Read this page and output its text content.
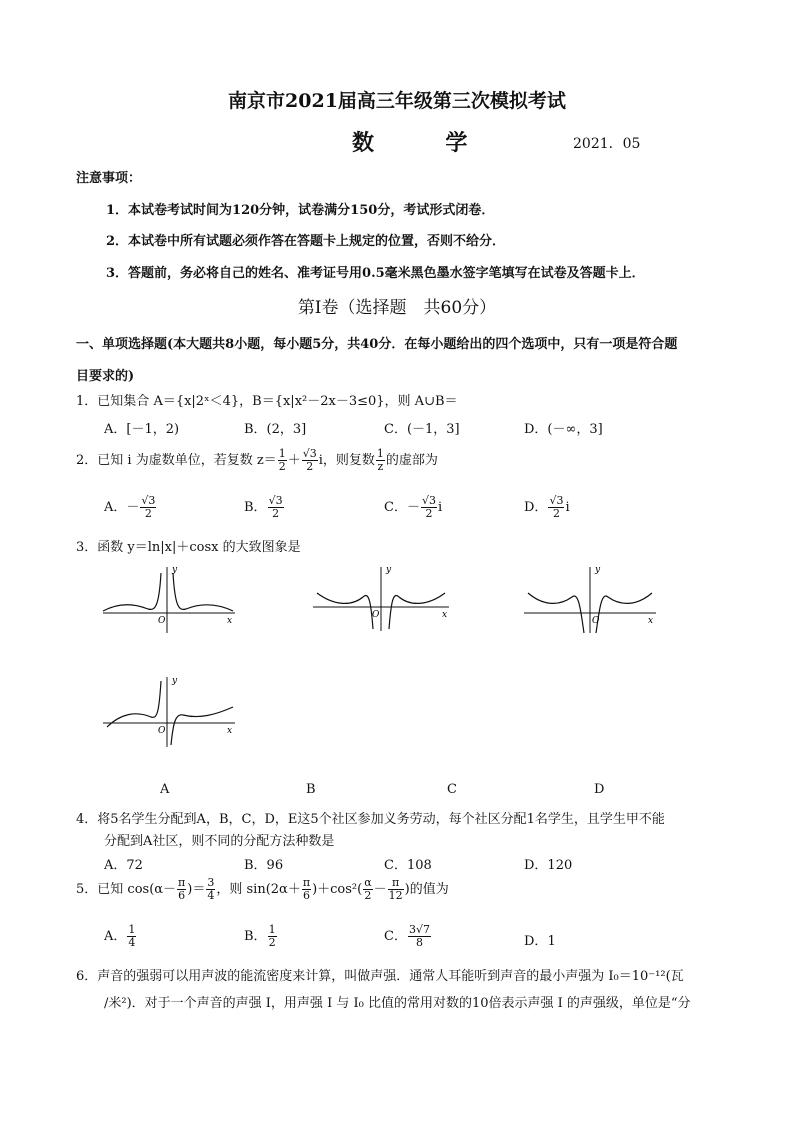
南京市2021届高三年级第三次模拟考试
数	学	2021．05
注意事项：
1．本试卷考试时间为120分钟，试卷满分150分，考试形式闭卷．
2．本试卷中所有试题必须作答在答题卡上规定的位置，否则不给分．
3．答题前，务必将自己的姓名、准考证号用0.5毫米黑色墨水签字笔填写在试卷及答题卡上．
第Ⅰ卷（选择题　共60分）
一、单项选择题(本大题共8小题，每小题5分，共40分．在每小题给出的四个选项中，只有一项是符合题
目要求的)
1．已知集合 A＝{x|2ˣ＜4}，B＝{x|x²－2x－3≤0}，则 A∪B＝
A．[－1，2)	B．(2，3]	C．(－1，3]	D．(－∞，3]
2．已知 i 为虚数单位，若复数 $z= \frac{1}{2} + \frac{√3}{2}$ i，则复数 $\frac{1}{z}$ 的虚部为
A．－ $\frac{√3}{2}$	B． $\frac{√3}{2}$	C．－ $\frac{√3}{2}$ i	D． $\frac{√3}{2}$ i
3．函数 y＝ln|x|＋cosx 的大致图象是
y
x
O
y
x
O
y
x
O
y
x
O
A	B	C	D
4．将5名学生分配到A，B，C，D，E这5个社区参加义务劳动，每个社区分配1名学生，且学生甲不能
分配到A社区，则不同的分配方法种数是
A．72	B．96	C．108	D．120
5．已知 $\cos(\alpha- \frac{\pi}{6}$ )＝ $\frac{3}{4}$ ，则 $\sin(2\alpha+ \frac{\pi}{6} )+\cos^2( \frac{\alpha}{2} - \frac{\pi}{12}$ )的值为
A． $\frac{1}{4}$	B． $\frac{1}{2}$	C． $\frac{3√7}{8}$	D．1
6．声音的强弱可以用声波的能流密度来计算，叫做声强．通常人耳能听到声音的最小声强为 I₀＝10⁻¹²(瓦
/米²)．对于一个声音的声强 I，用声强 I 与 I₀ 比值的常用对数的10倍表示声强 I 的声强级，单位是“分
